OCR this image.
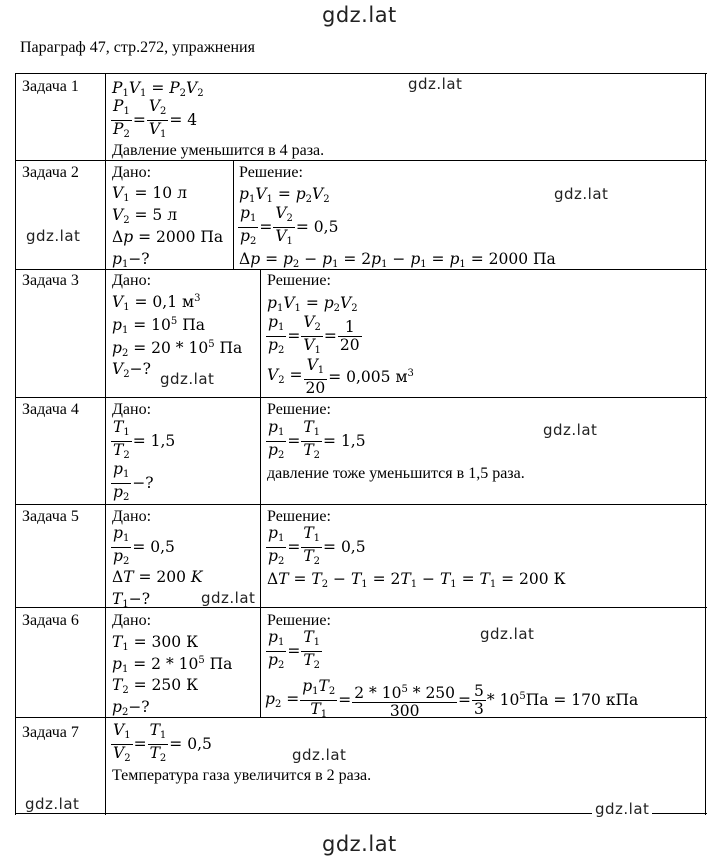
gdz.lat
gdz.lat
Параграф 47, стр.272, упражнения
gdz.lat
gdz.lat	gdz.lat
gdz.lat
gdz.lat
gdz.lat
gdz.lat
gdz.lat
gdz.lat
gdz.lat
Задача 1 $P_1V_1 = P_2V_2$
$\frac{P_1}{P_2} = \frac{V_2}{V_1} = 4$
Давление уменьшится в 4 раза.
Задача 2 Дано:
$V_1 = 10$ л
$V_2 = 5$ л
Δp = 2000 Па
$p_1-$?
Решение:
$p_1V_1 = p_2V_2$
$\frac{p_1}{p_2} = \frac{V_2}{V_1} = 0,5$
$\Delta p = p_2 - p_1 = 2p_1 - p_1 = p_1 = 2000$ Па
Задача 3 Дано:
$V_1 = 0,1$ $м^3$
$p_1 = 10^5$ Па
$p_2 = 20 * 10^5$ Па
$V_2-$?
Решение:
$p_1V_1 = p_2V_2$
$\frac{p_1}{p_2} = \frac{V_2}{V_1} = \frac{1}{20}$
$V_2 = \frac{V_1}{20} = 0,005$ $м^3$
Задача 4 Дано:
$\frac{T_1}{T_2} = 1,5$
$\frac{p_1}{p_2}$ −?
Решение:
$\frac{p_1}{p_2} = \frac{T_1}{T_2} = 1,5$
давление тоже уменьшится в 1,5 раза.
Задача 5 Дано:
$\frac{p_1}{p_2} = 0,5$
ΔT = 200 K
$T_1-$?
Решение:
$\frac{p_1}{p_2} = \frac{T_1}{T_2} = 0,5$
$\Delta T = T_2 - T_1 = 2T_1 - T_1 = T_1 = 200$ К
Задача 6 Дано:
$T_1 = 300$ К
$p_1 = 2 * 10^5$ Па
$T_2 = 250$ К
$p_2-$?
Решение:
$\frac{p_1}{p_2} = \frac{T_1}{T_2}$
$p_2 = \frac{p_1T_2}{T_1} = \frac{2 * 10^5 * 250}{300} = \frac{5}{3} * 10^5Па = 170$ кПа
Задача $7 \frac{V_1}{V_2} = \frac{T_1}{T_2} = 0,5$
Температура газа увеличится в 2 раза.
